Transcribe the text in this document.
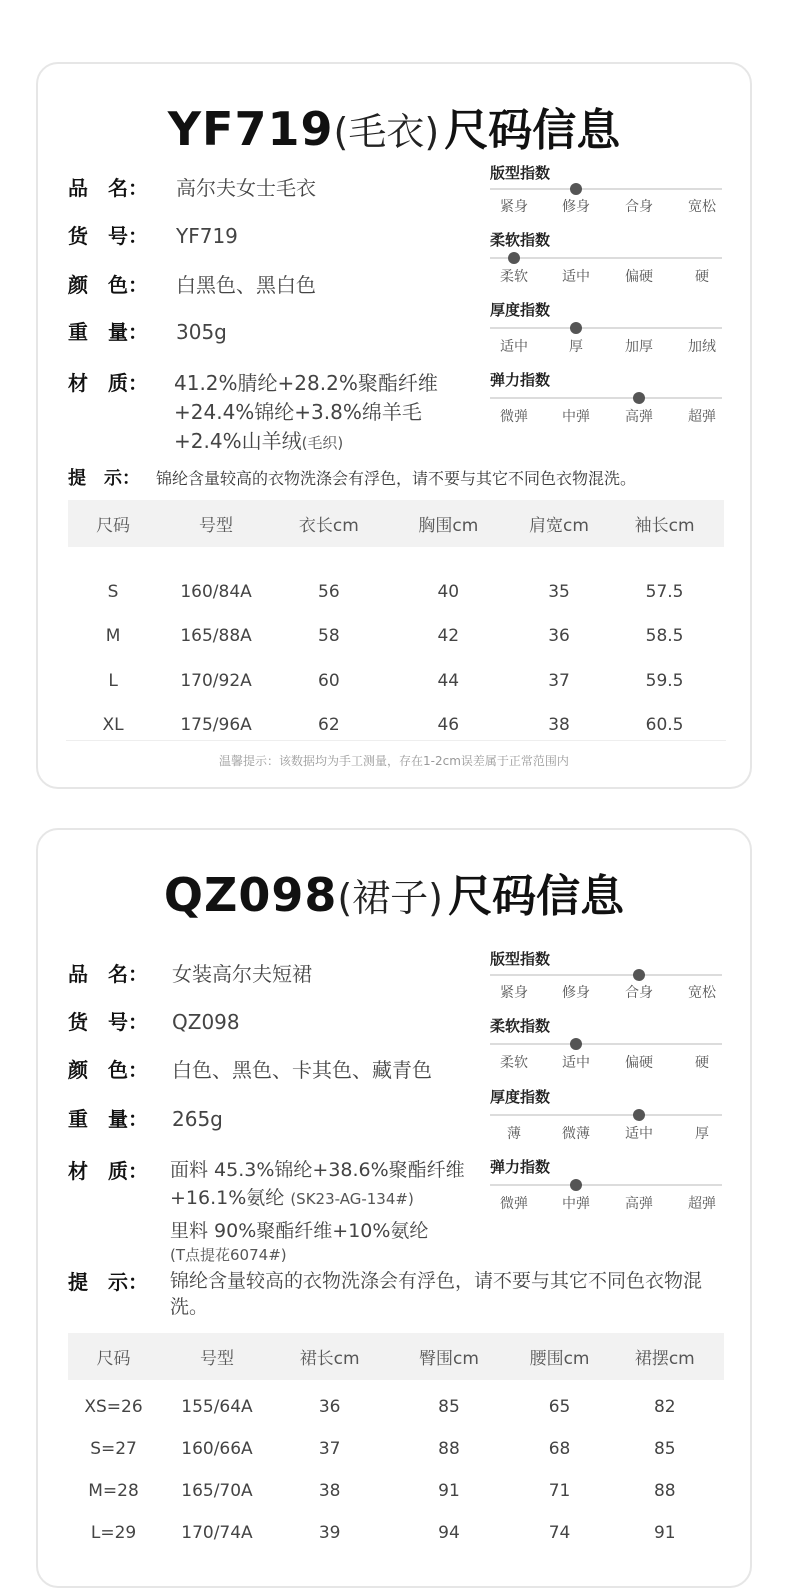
YF719(毛衣) 尺码信息
品　名：	高尔夫女士毛衣
货　号：	YF719
颜　色：	白黑色、黑白色
重　量：	305g
材　质：	41.2%腈纶+28.2%聚酯纤维
+24.4%锦纶+3.8%绵羊毛
+2.4%山羊绒(毛织)
提　示： 锦纶含量较高的衣物洗涤会有浮色，请不要与其它不同色衣物混洗。
版型指数
紧身 修身	合身	宽松
柔软指数
柔软 适中	偏硬	硬
厚度指数
适中	厚	加厚	加绒
弹力指数
微弹 中弹	高弹	超弹
尺码	号型	衣长cm	胸围cm	肩宽cm	袖长cm

S	160/84A	56	40	35	57.5
M	165/88A	58	42	36	58.5
L	170/92A	60	44	37	59.5
XL	175/96A	62	46	38	60.5
温馨提示：该数据均为手工测量，存在1-2cm误差属于正常范围内
QZ098(裙子) 尺码信息
品　名：	女装高尔夫短裙
货　号：	QZ098
颜　色：	白色、黑色、卡其色、藏青色
重　量：	265g
材　质：	面料 45.3%锦纶+38.6%聚酯纤维
+16.1%氨纶 (SK23-AG-134#)
里料 90%聚酯纤维+10%氨纶
(T点提花6074#)
提　示：	锦纶含量较高的衣物洗涤会有浮色，请不要与其它不同色衣物混洗。
版型指数
紧身 修身	合身	宽松
柔软指数
柔软 适中	偏硬	硬
厚度指数
薄	微薄	适中	厚
弹力指数
微弹 中弹	高弹	超弹
尺码	号型	裙长cm	臀围cm	腰围cm	裙摆cm

XS=26	155/64A	36	85	65	82
S=27	160/66A	37	88	68	85
M=28	165/70A	38	91	71	88
L=29	170/74A	39	94	74	91
